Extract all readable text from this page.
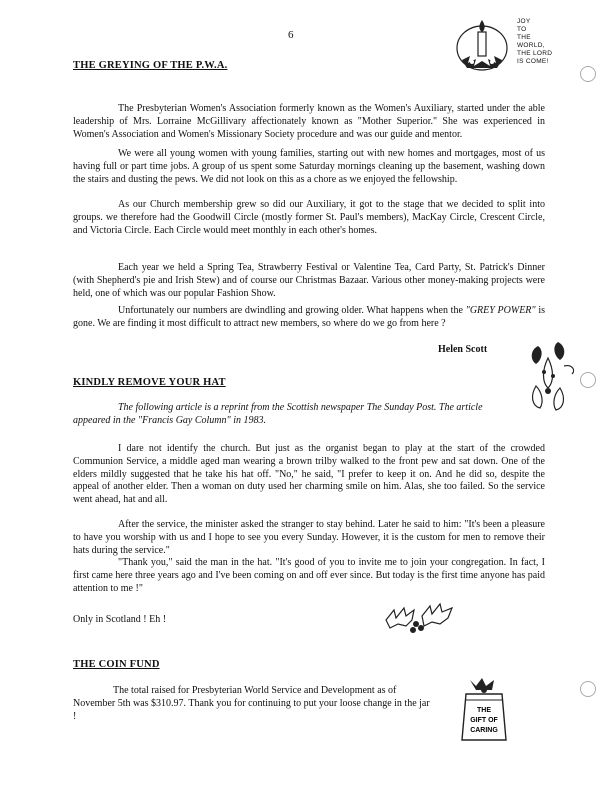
6
JOY
TO
THE
WORLD,
THE LORD
IS COME!
THE GREYING OF THE P.W.A.
The Presbyterian Women's Association formerly known as the Women's Auxiliary, started under the able leadership of Mrs. Lorraine McGillivary affectionately known as "Mother Superior." She was experienced in Women's Association and Women's Missionary Society procedure and was our guide and mentor.
We were all young women with young families, starting out with new homes and mortgages, most of us having full or part time jobs. A group of us spent some Saturday mornings cleaning up the basement, washing down the stairs and dusting the pews. We did not look on this as a chore as we enjoyed the fellowship.
As our Church membership grew so did our Auxiliary, it got to the stage that we decided to split into groups. we therefore had the Goodwill Circle (mostly former St. Paul's members), MacKay Circle, Crescent Circle, and Victoria Circle. Each Circle would meet monthly in each other's homes.
Each year we held a Spring Tea, Strawberry Festival or Valentine Tea, Card Party, St. Patrick's Dinner (with Shepherd's pie and Irish Stew) and of course our Christmas Bazaar. Various other money-making projects were held, one of which was our popular Fashion Show.
Unfortunately our numbers are dwindling and growing older. What happens when the "GREY POWER" is gone. We are finding it most difficult to attract new members, so where do we go from here ?
Helen Scott
KINDLY REMOVE YOUR HAT
The following article is a reprint from the Scottish newspaper The Sunday Post. The article appeared in the "Francis Gay Column" in 1983.
I dare not identify the church. But just as the organist began to play at the start of the crowded Communion Service, a middle aged man wearing a brown trilby walked to the front pew and sat down. One of the elders mildly suggested that he take his hat off. "No," he said, "I prefer to keep it on. And he did so, despite the appeal of another elder. Then a woman on duty used her charming smile on him. Alas, she too failed. So the service went ahead, hat and all.
After the service, the minister asked the stranger to stay behind. Later he said to him: "It's been a pleasure to have you worship with us and I hope to see you every Sunday. However, it is the custom for men to remove their hats during the service."
"Thank you," said the man in the hat. "It's good of you to invite me to join your congregation. In fact, I first came here three years ago and I've been coming on and off ever since. But today is the first time anyone has paid attention to me !"
Only in Scotland ! Eh !
THE COIN FUND
The total raised for Presbyterian World Service and Development as of November 5th was $310.97. Thank you for continuing to put your loose change in the jar !
THE
GIFT OF
CARING
